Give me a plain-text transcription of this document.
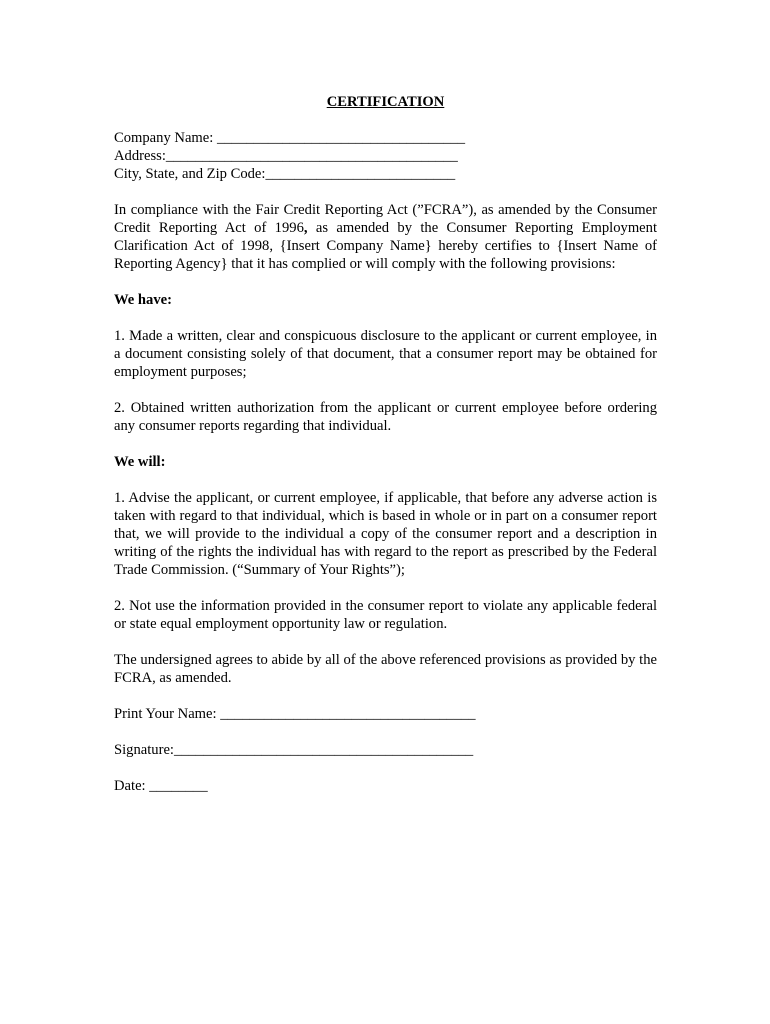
CERTIFICATION
Company Name: __________________________________
Address:________________________________________
City, State, and Zip Code:__________________________
In compliance with the Fair Credit Reporting Act (”FCRA”), as amended by the Consumer Credit Reporting Act of 1996, as amended by the Consumer Reporting Employment Clarification Act of 1998, {Insert Company Name} hereby certifies to {Insert Name of Reporting Agency} that it has complied or will comply with the following provisions:
We have:
1. Made a written, clear and conspicuous disclosure to the applicant or current employee, in a document consisting solely of that document, that a consumer report may be obtained for employment purposes;
2. Obtained written authorization from the applicant or current employee before ordering any consumer reports regarding that individual.
We will:
1. Advise the applicant, or current employee, if applicable, that before any adverse action is taken with regard to that individual, which is based in whole or in part on a consumer report that, we will provide to the individual a copy of the consumer report and a description in writing of the rights the individual has with regard to the report as prescribed by the Federal Trade Commission. (“Summary of Your Rights”);
2. Not use the information provided in the consumer report to violate any applicable federal or state equal employment opportunity law or regulation.
The undersigned agrees to abide by all of the above referenced provisions as provided by the FCRA, as amended.
Print Your Name: ___________________________________
Signature:_________________________________________
Date: ________
